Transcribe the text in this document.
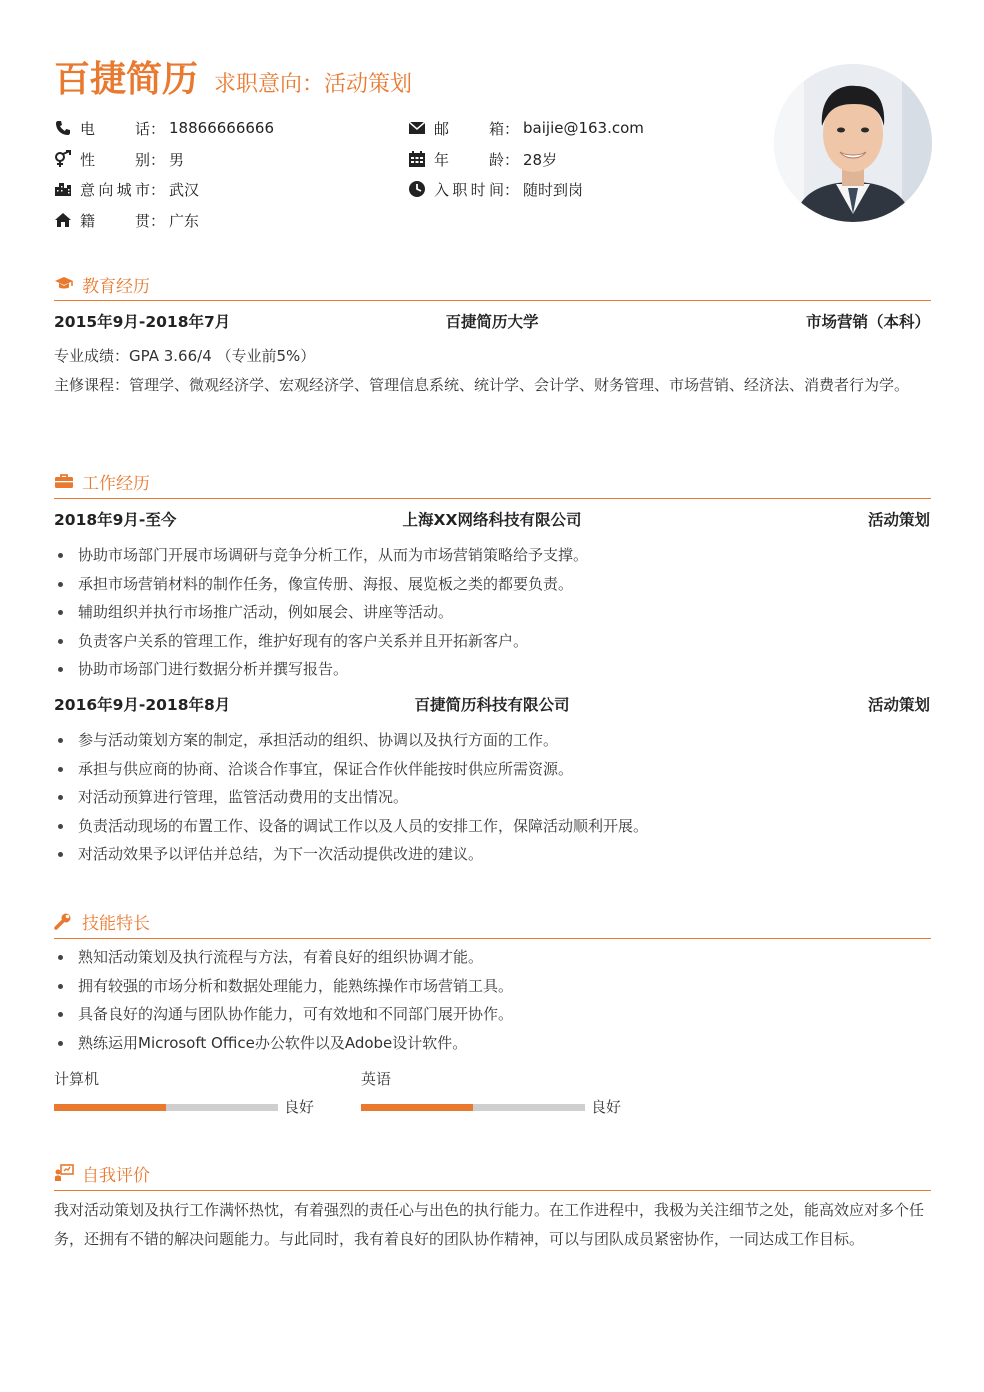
百捷简历 求职意向：活动策划
电 话 ： 18866666666
性 别 ： 男
意向城市 ： 武汉
籍 贯 ： 广东
邮 箱 ： baijie@163.com
年 龄 ： 28岁
入职时间 ： 随时到岗
教育经历
2015年9月-2018年7月	百捷简历大学	市场营销（本科）
专业成绩：GPA 3.66/4 （专业前5%）
主修课程：管理学、微观经济学、宏观经济学、管理信息系统、统计学、会计学、财务管理、市场营销、经济法、消费者行为学。
工作经历
2018年9月-至今	上海XX网络科技有限公司	活动策划
协助市场部门开展市场调研与竞争分析工作，从而为市场营销策略给予支撑。
承担市场营销材料的制作任务，像宣传册、海报、展览板之类的都要负责。
辅助组织并执行市场推广活动，例如展会、讲座等活动。
负责客户关系的管理工作，维护好现有的客户关系并且开拓新客户。
协助市场部门进行数据分析并撰写报告。
2016年9月-2018年8月	百捷简历科技有限公司	活动策划
参与活动策划方案的制定，承担活动的组织、协调以及执行方面的工作。
承担与供应商的协商、洽谈合作事宜，保证合作伙伴能按时供应所需资源。
对活动预算进行管理，监管活动费用的支出情况。
负责活动现场的布置工作、设备的调试工作以及人员的安排工作，保障活动顺利开展。
对活动效果予以评估并总结，为下一次活动提供改进的建议。
技能特长
熟知活动策划及执行流程与方法，有着良好的组织协调才能。
拥有较强的市场分析和数据处理能力，能熟练操作市场营销工具。
具备良好的沟通与团队协作能力，可有效地和不同部门展开协作。
熟练运用Microsoft Office办公软件以及Adobe设计软件。
计算机
良好
英语
良好
自我评价
我对活动策划及执行工作满怀热忱，有着强烈的责任心与出色的执行能力。在工作进程中，我极为关注细节之处，能高效应对多个任务，还拥有不错的解决问题能力。与此同时，我有着良好的团队协作精神，可以与团队成员紧密协作，一同达成工作目标。
